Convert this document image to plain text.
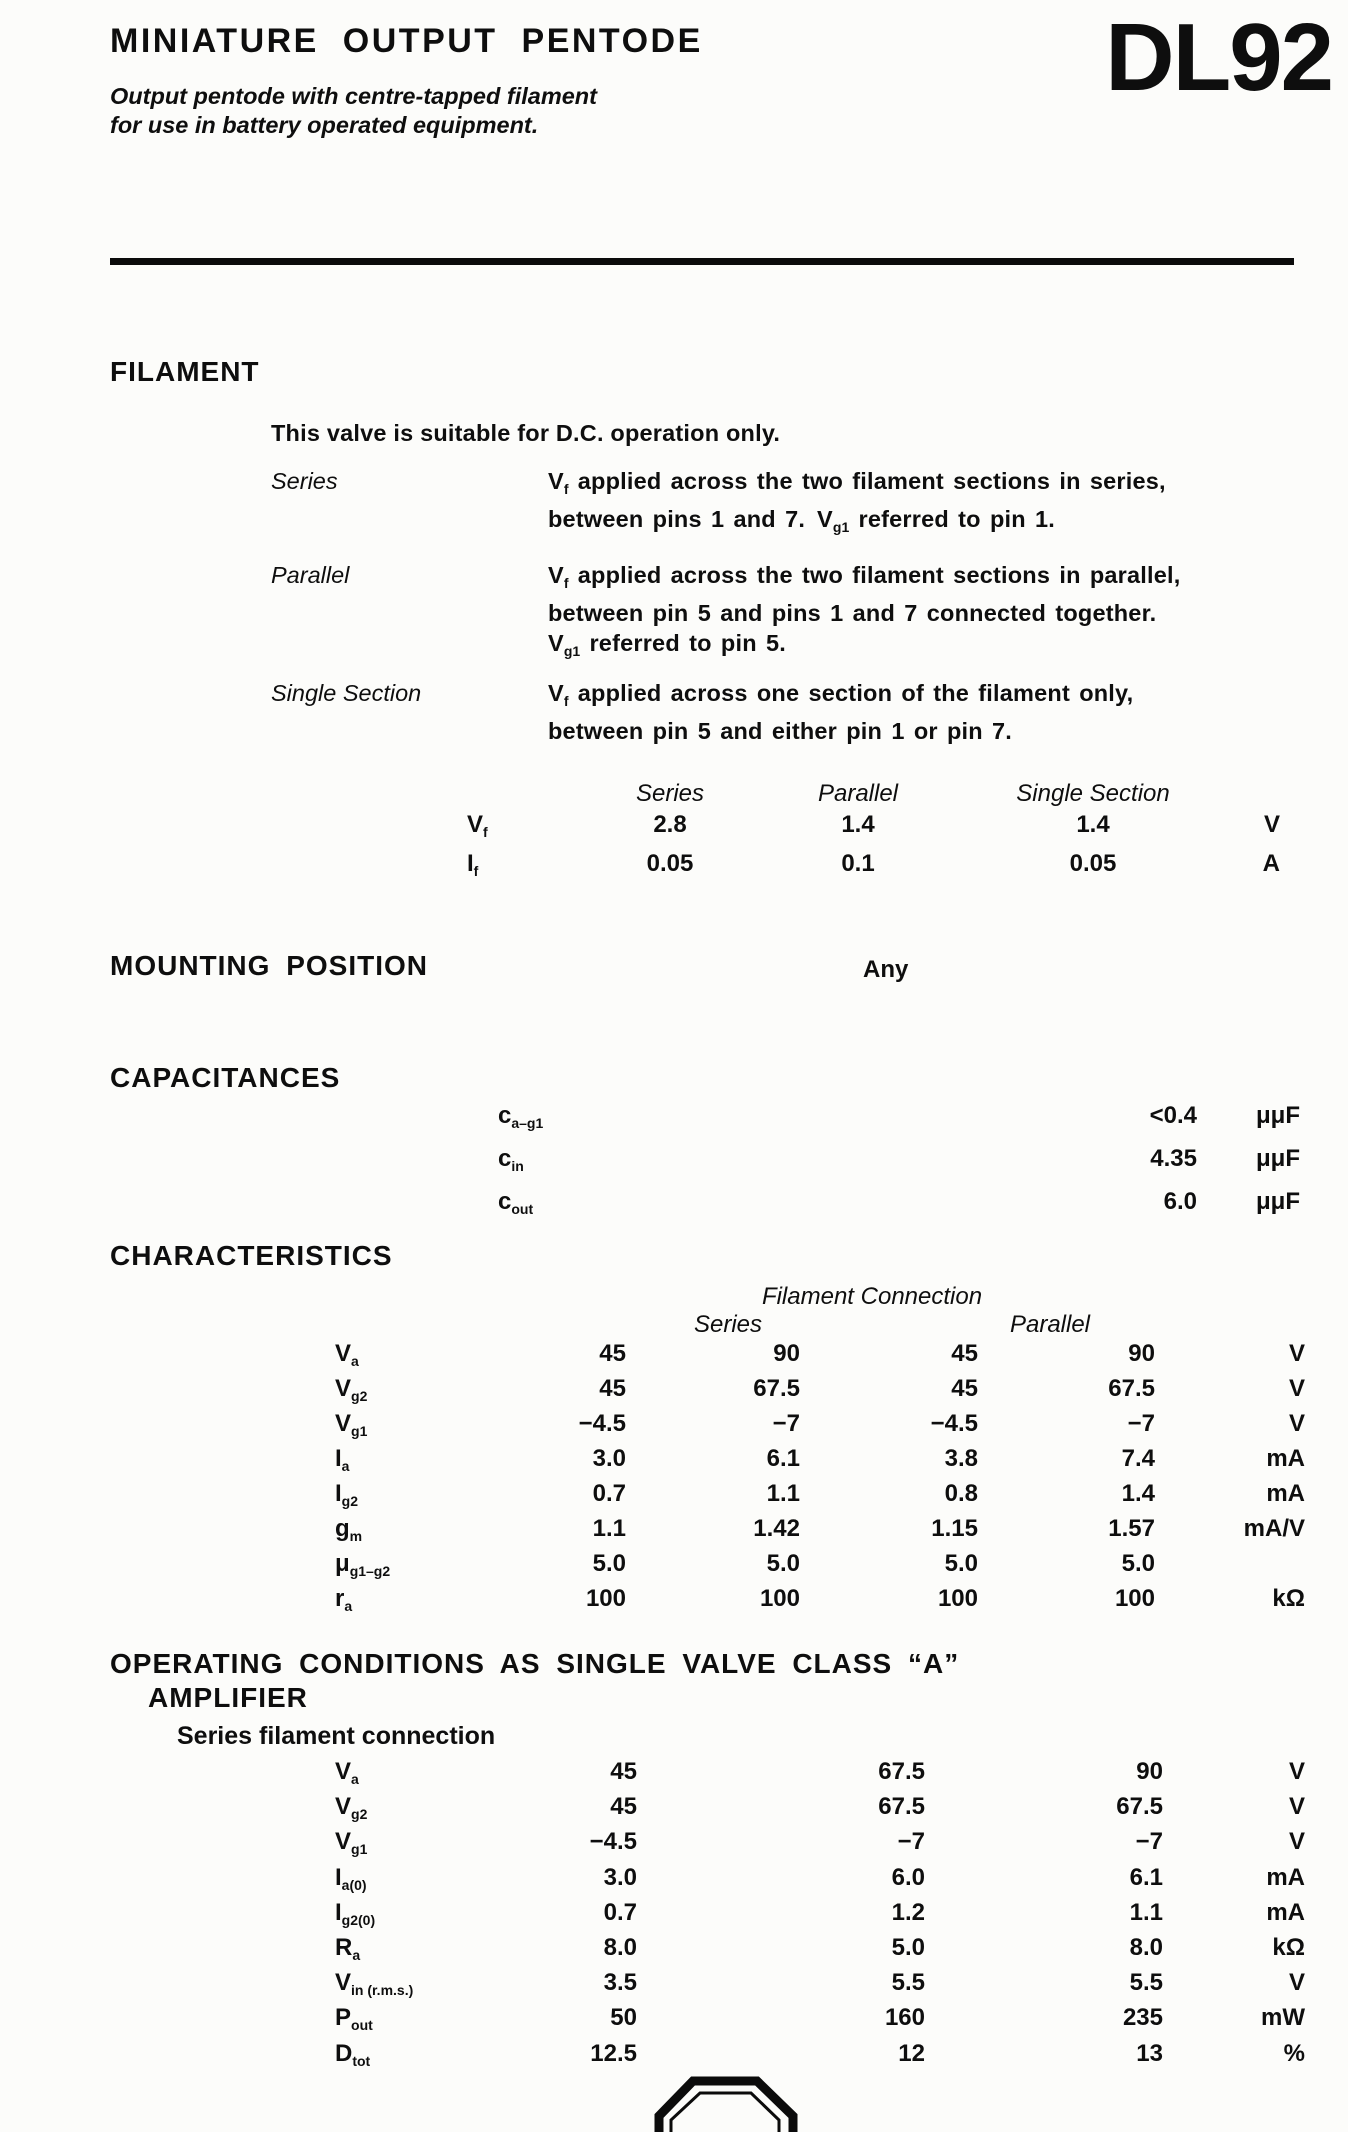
MINIATURE OUTPUT PENTODE
Output pentode with centre-tapped filament
for use in battery operated equipment.
DL92
FILAMENT
This valve is suitable for D.C. operation only.
Series	$V_f$ applied across the two filament sections in series,
between pins 1 and 7. $V_{g1}$ referred to pin 1.
Parallel	$V_f$ applied across the two filament sections in parallel,
between pin 5 and pins 1 and 7 connected together.
$V_{g1}$ referred to pin 5.
Single Section	$V_f$ applied across one section of the filament only,
between pin 5 and either pin 1 or pin 7.
Series	Parallel	Single Section
$V_f$	2.8	1.4	1.4	V
$I_f$	0.05	0.1	0.05	A
MOUNTING POSITION	Any
CAPACITANCES
$c_{a-g1}$	<0.4	μμF
$c_{in}$	4.35	μμF
$c_{out}$	6.0	μμF
CHARACTERISTICS
Filament Connection
Series	Parallel
$V_a$	45	90	45	90	V
$V_{g2}$	45	67.5	45	67.5	V
$V_{g1}$	−4.5	−7	−4.5	−7	V
$I_a$	3.0	6.1	3.8	7.4	mA
$I_{g2}$	0.7	1.1	0.8	1.4	mA
$g_m$	1.1	1.42	1.15	1.57	mA/V
$\mu_{g1-g2}$	5.0	5.0	5.0	5.0
$r_a$	100	100	100	100	kΩ
OPERATING CONDITIONS AS SINGLE VALVE CLASS “A”
AMPLIFIER
Series filament connection
$V_a$	45	67.5	90	V
$V_{g2}$	45	67.5	67.5	V
$V_{g1}$	−4.5	−7	−7	V
$I_{a(0)}$	3.0	6.0	6.1	mA
$I_{g2(0)}$	0.7	1.2	1.1	mA
$R_a$	8.0	5.0	8.0	kΩ
$V_{in (r.m.s.)}$	3.5	5.5	5.5	V
$P_{out}$	50	160	235	mW
$D_{tot}$	12.5	12	13	%
